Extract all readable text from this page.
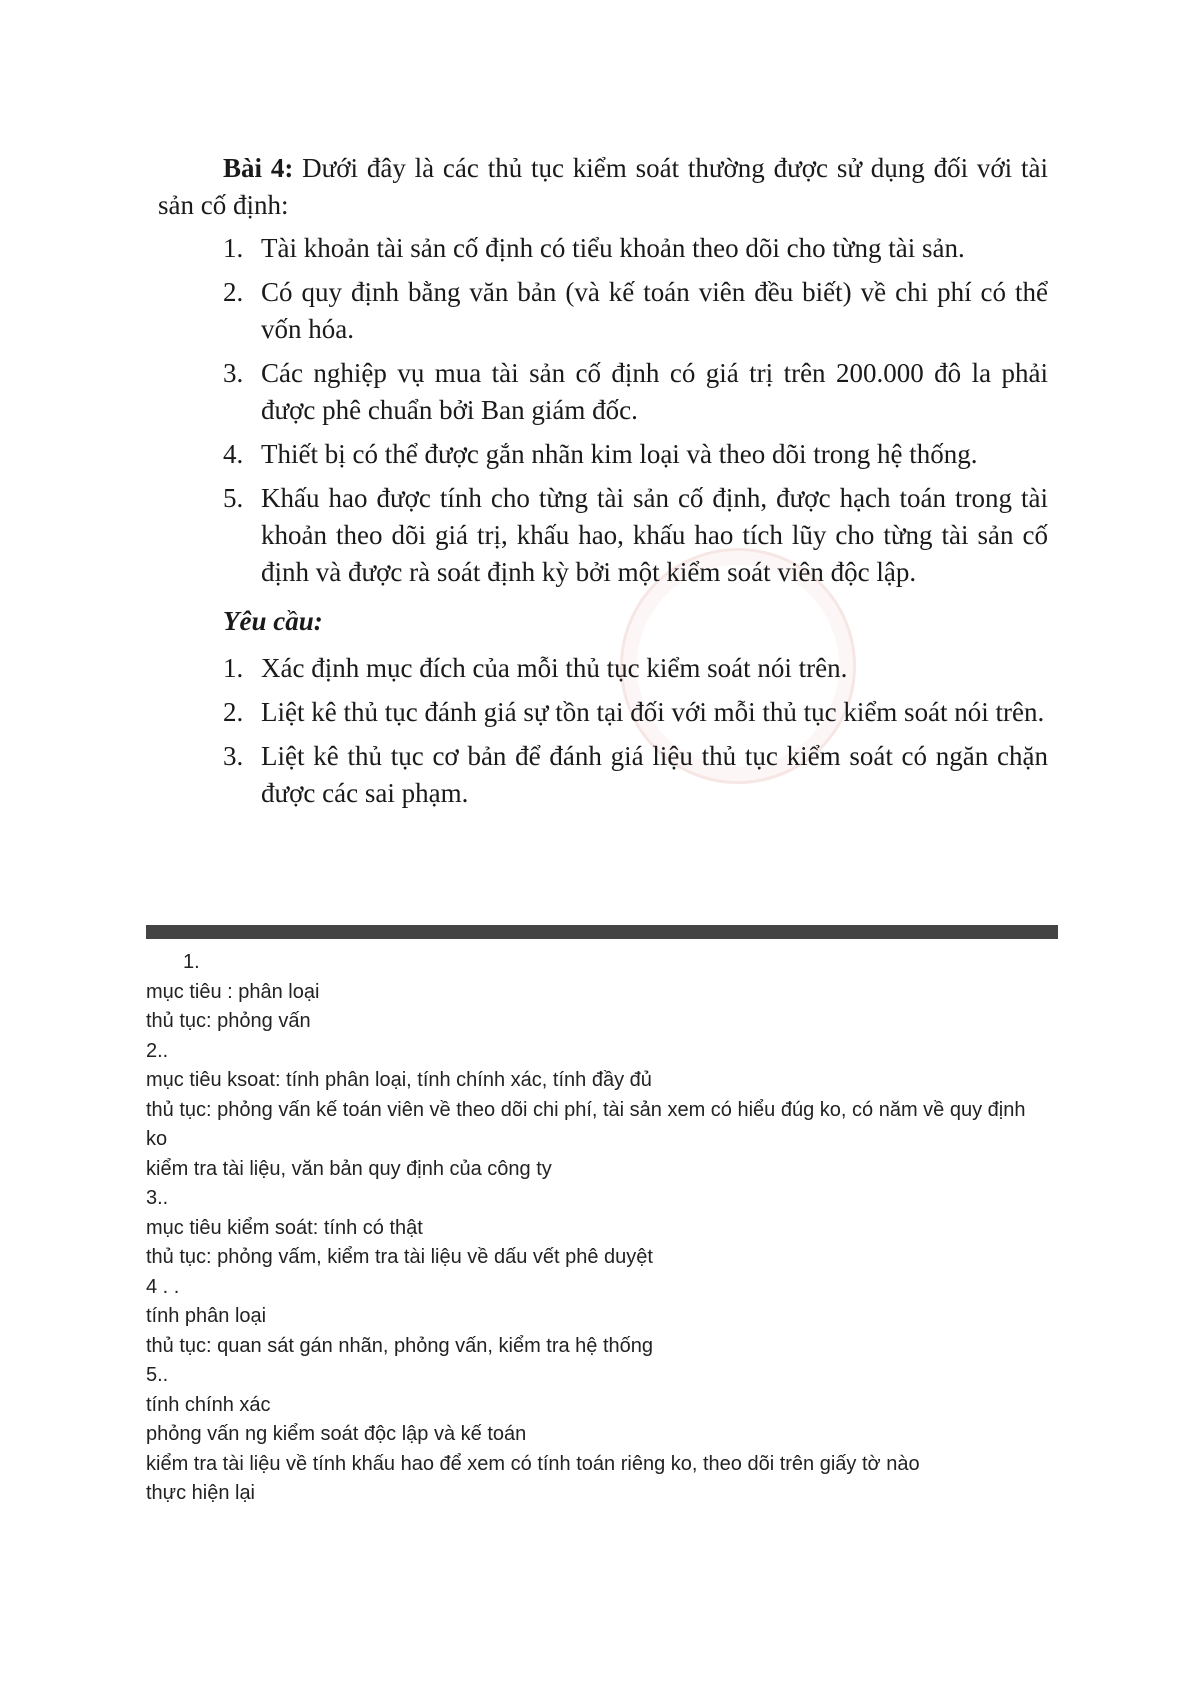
Bài 4: Dưới đây là các thủ tục kiểm soát thường được sử dụng đối với tài sản cố định:

1. Tài khoản tài sản cố định có tiểu khoản theo dõi cho từng tài sản.
2. Có quy định bằng văn bản (và kế toán viên đều biết) về chi phí có thể vốn hóa.
3. Các nghiệp vụ mua tài sản cố định có giá trị trên 200.000 đô la phải được phê chuẩn bởi Ban giám đốc.
4. Thiết bị có thể được gắn nhãn kim loại và theo dõi trong hệ thống.
5. Khấu hao được tính cho từng tài sản cố định, được hạch toán trong tài khoản theo dõi giá trị, khấu hao, khấu hao tích lũy cho từng tài sản cố định và được rà soát định kỳ bởi một kiểm soát viên độc lập.
Yêu cầu:
1. Xác định mục đích của mỗi thủ tục kiểm soát nói trên.
2. Liệt kê thủ tục đánh giá sự tồn tại đối với mỗi thủ tục kiểm soát nói trên.
3. Liệt kê thủ tục cơ bản để đánh giá liệu thủ tục kiểm soát có ngăn chặn được các sai phạm.

1.

mục tiêu : phân loại

thủ tục: phỏng vấn

2..

mục tiêu ksoat: tính phân loại, tính chính xác, tính đầy đủ

thủ tục: phỏng vấn kế toán viên về theo dõi chi phí, tài sản xem có hiểu đúg ko, có năm về quy định ko

kiểm tra tài liệu, văn bản quy định của công ty

3..

mục tiêu kiểm soát: tính có thật

thủ tục: phỏng vấm, kiểm tra tài liệu về dấu vết phê duyệt

4 . .

tính phân loại

thủ tục: quan sát gán nhãn, phỏng vấn, kiểm tra hệ thống

5..

tính chính xác

phỏng vấn ng kiểm soát độc lập và kế toán

kiểm tra tài liệu về tính khấu hao để xem có tính toán riêng ko, theo dõi trên giấy tờ nào

thực hiện lại
